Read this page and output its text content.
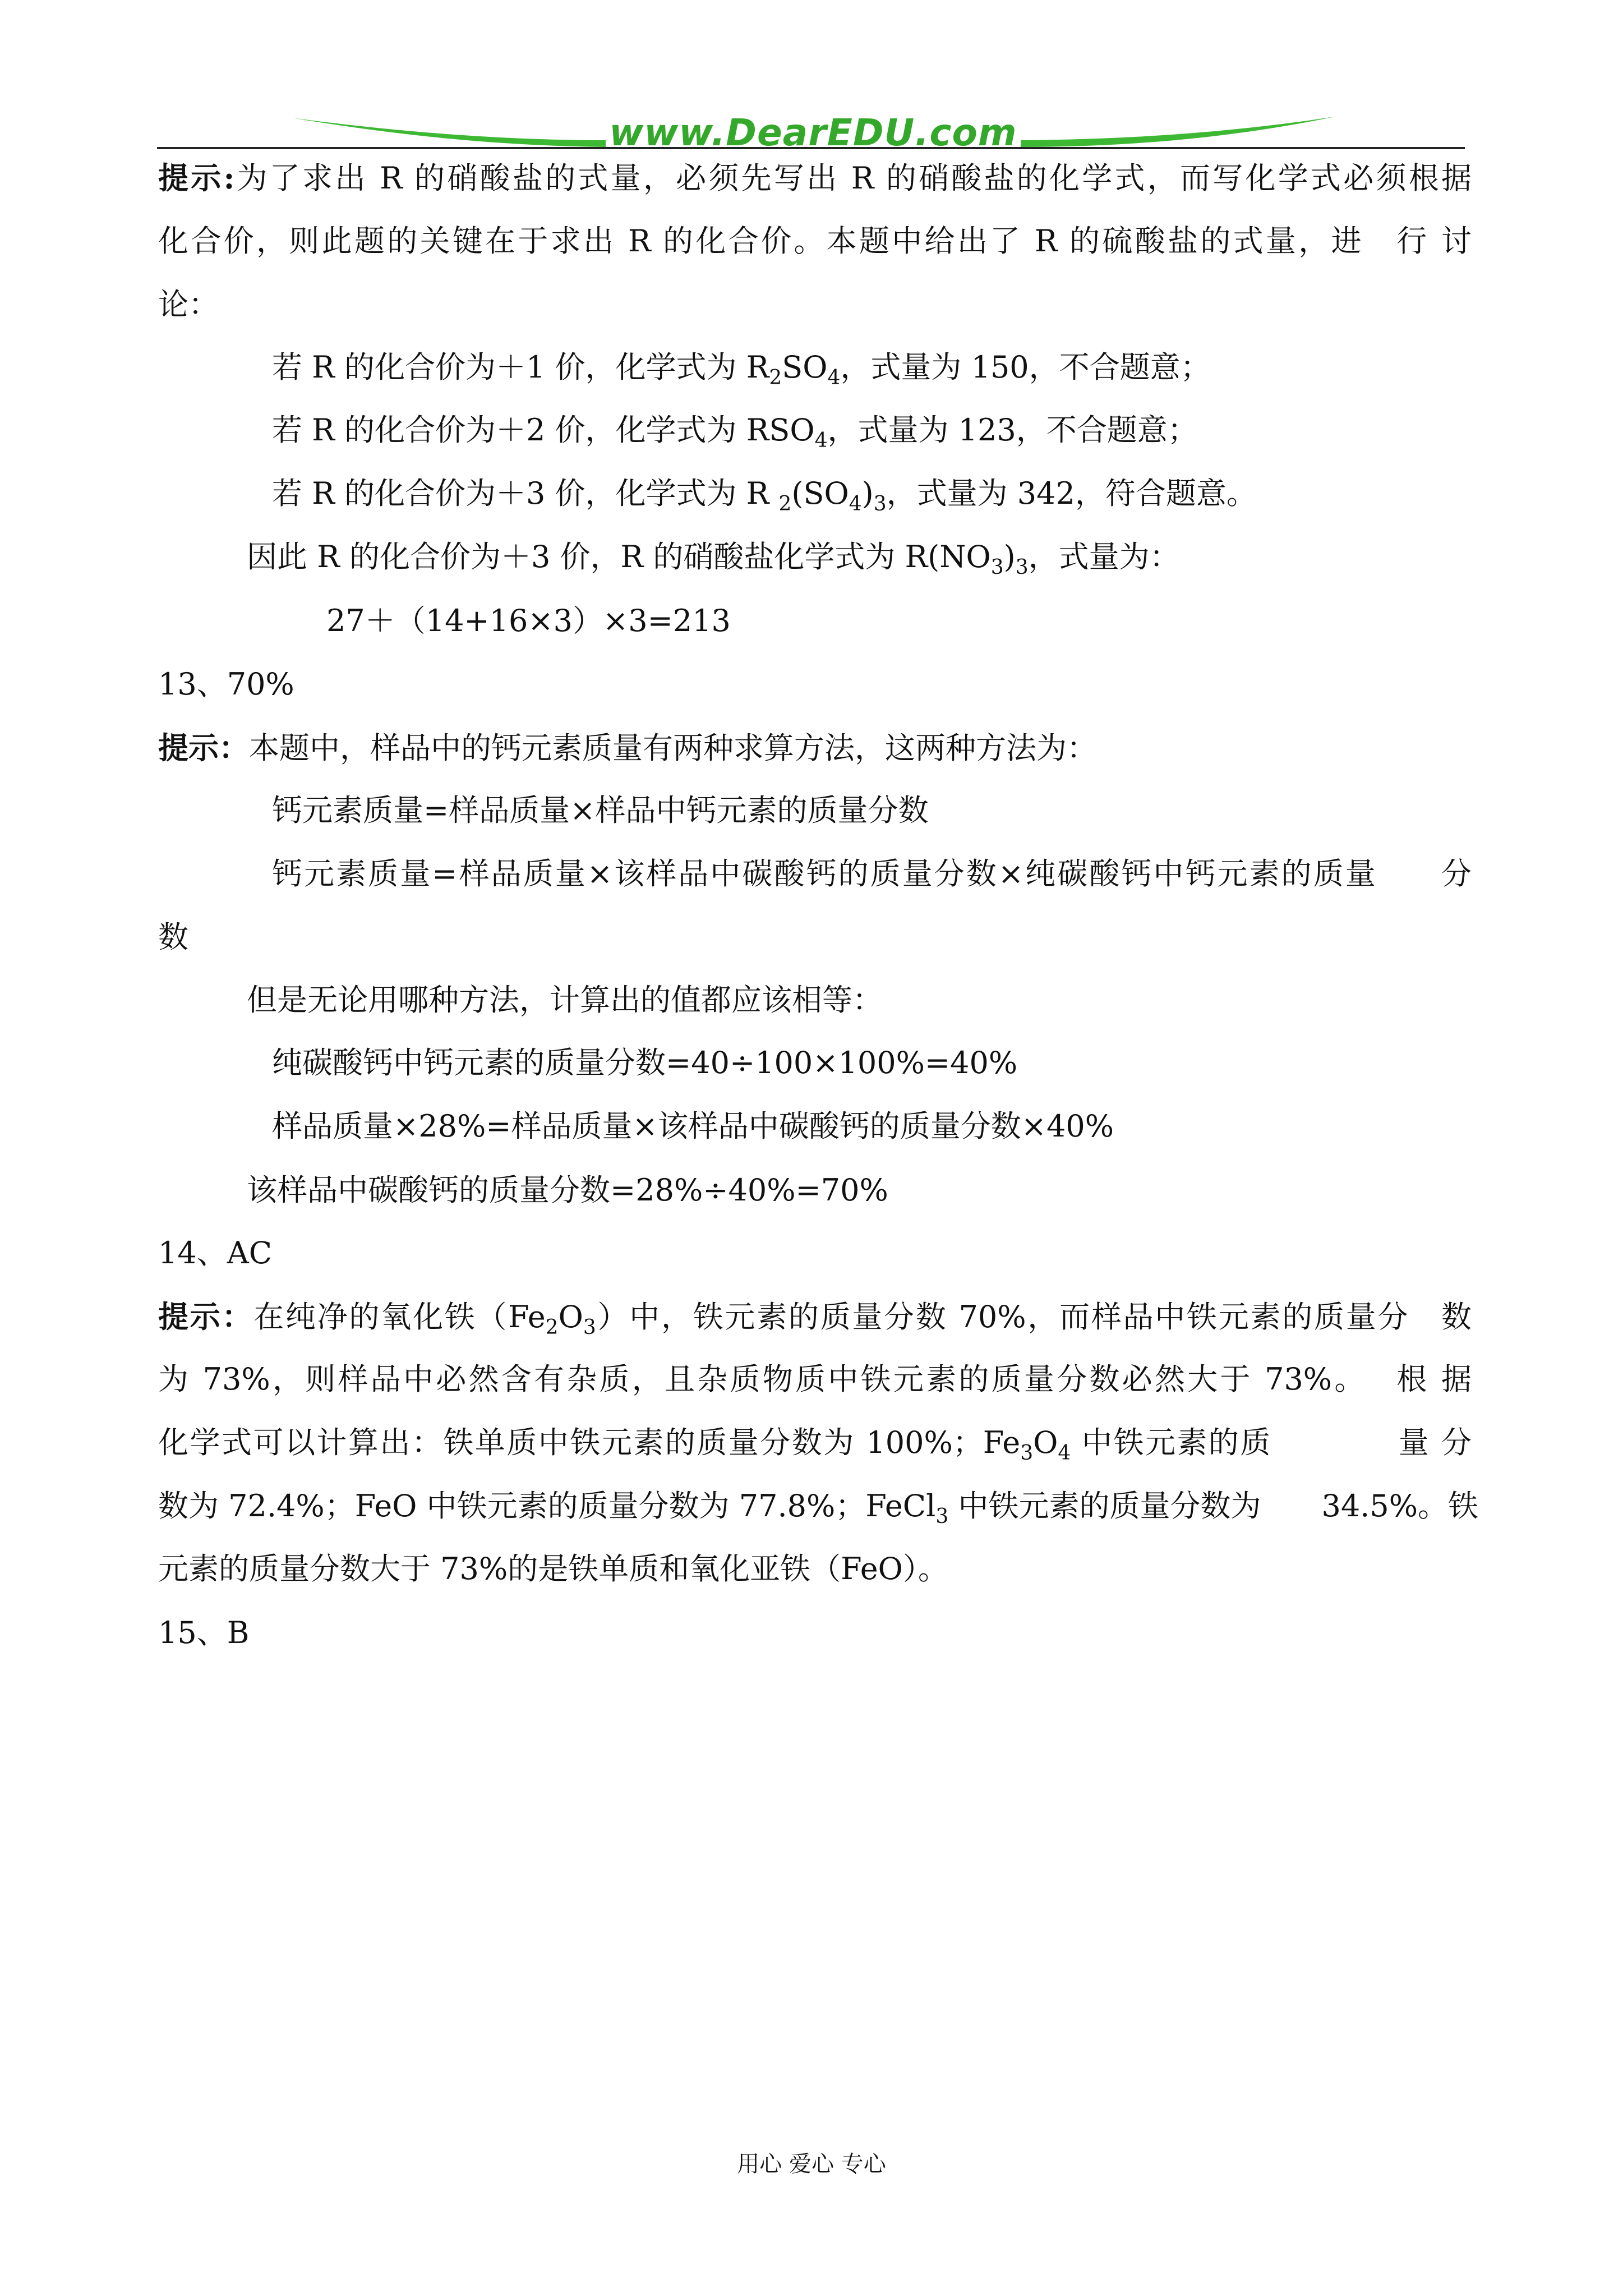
www.DearEDU.com
提示:为了求出 R 的硝酸盐的式量，必须先写出 R 的硝酸盐的化学式，而写化学式必须根据
化合价，则此题的关键在于求出 R 的化合价。本题中给出了 R 的硫酸盐的式量，进　行 讨
论：
若 R 的化合价为＋1 价，化学式为 $R_2SO_4$，式量为 150，不合题意；
若 R 的化合价为＋2 价，化学式为 $RSO_4$，式量为 123，不合题意；
若 R 的化合价为＋3 价，化学式为 R $_2(SO_4)_3$，式量为 342，符合题意。
因此 R 的化合价为＋3 价，R 的硝酸盐化学式为 $R(NO_3)_3$，式量为：
27＋（14+16×3）×3=213
13、70%
提示：本题中，样品中的钙元素质量有两种求算方法，这两种方法为：
钙元素质量=样品质量×样品中钙元素的质量分数
钙元素质量=样品质量×该样品中碳酸钙的质量分数×纯碳酸钙中钙元素的质量　　分
数
但是无论用哪种方法，计算出的值都应该相等：
纯碳酸钙中钙元素的质量分数=40÷100×100%=40%
样品质量×28%=样品质量×该样品中碳酸钙的质量分数×40%
该样品中碳酸钙的质量分数=28%÷40%=70%
14、AC
提示：在纯净的氧化铁$(Fe_2O_3)$中，铁元素的质量分数 70%，而样品中铁元素的质量分　数
为 73%，则样品中必然含有杂质，且杂质物质中铁元素的质量分数必然大于 73%。　 根 据
化学式可以计算出：铁单质中铁元素的质量分数为 100%；$Fe_3O_4$ 中铁元素的质　　　　量 分
数为 72.4%；FeO 中铁元素的质量分数为 77.8%；FeCl$_3$ 中铁元素的质量分数为　　34.5%。铁
元素的质量分数大于 73%的是铁单质和氧化亚铁（FeO）。
15、B
用心 爱心 专心
